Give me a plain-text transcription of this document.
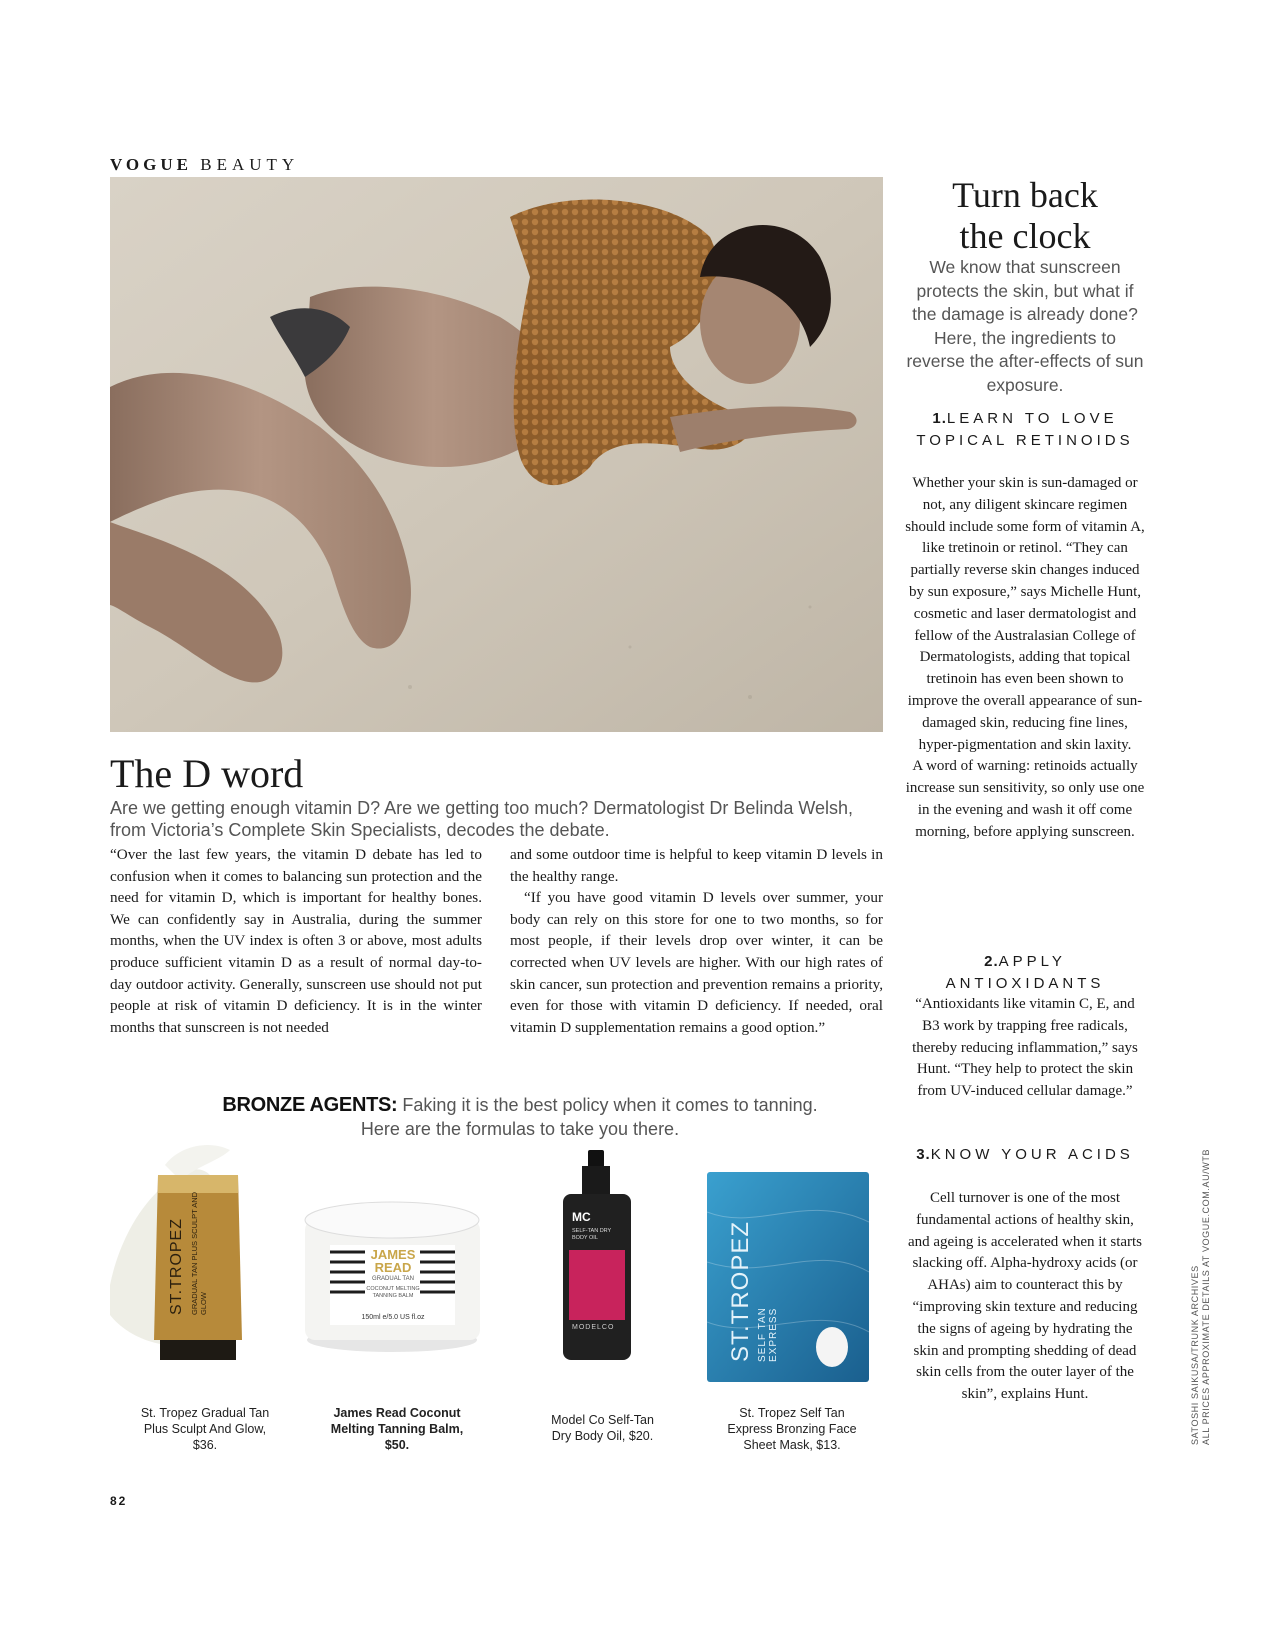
VOGUE BEAUTY
The D word
Are we getting enough vitamin D? Are we getting too much? Dermatologist Dr Belinda Welsh, from Victoria’s Complete Skin Specialists, decodes the debate.

“Over the last few years, the vitamin D debate has led to confusion when it comes to balancing sun protection and the need for vitamin D, which is important for healthy bones. We can confidently say in Australia, during the summer months, when the UV index is often 3 or above, most adults produce sufficient vitamin D as a result of normal day-to-day outdoor activity. Generally, sunscreen use should not put people at risk of vitamin D deficiency. It is in the winter months that sunscreen is not needed

and some outdoor time is helpful to keep vitamin D levels in the healthy range.

“If you have good vitamin D levels over summer, your body can rely on this store for one to two months, so for most people, if their levels drop over winter, it can be corrected when UV levels are higher. With our high rates of skin cancer, sun protection and prevention remains a priority, even for those with vitamin D deficiency. If needed, oral vitamin D supplementation remains a good option.”

BRONZE AGENTS: Faking it is the best policy when it comes to tanning.
Here are the formulas to take you there.
ST.TROPEZ GRADUAL TAN PLUS SCULPT AND GLOW
St. Tropez Gradual Tan Plus Sculpt And Glow, $36.
JAMES READ
GRADUAL TAN
COCONUT MELTING TANNING BALM
150ml e/5.0 US fl.oz
James Read Coconut Melting Tanning Balm, $50.
MC
SELF-TAN DRY BODY OIL
MODELCO
Model Co Self-Tan Dry Body Oil, $20.
ST.TROPEZ SELF TAN EXPRESS
St. Tropez Self Tan Express Bronzing Face Sheet Mask, $13.
Turn back
the clock
We know that sunscreen protects the skin, but what if the damage is already done? Here, the ingredients to reverse the after-effects of sun exposure.
1.LEARN TO LOVE TOPICAL RETINOIDS

Whether your skin is sun-damaged or not, any diligent skincare regimen should include some form of vitamin A, like tretinoin or retinol. “They can partially reverse skin changes induced by sun exposure,” says Michelle Hunt, cosmetic and laser dermatologist and fellow of the Australasian College of Dermatologists, adding that topical tretinoin has even been shown to improve the overall appearance of sun-damaged skin, reducing fine lines, hyper-pigmentation and skin laxity.

A word of warning: retinoids actually increase sun sensitivity, so only use one in the evening and wash it off come morning, before applying sunscreen.

2.APPLY ANTIOXIDANTS

“Antioxidants like vitamin C, E, and B3 work by trapping free radicals, thereby reducing inflammation,” says Hunt. “They help to protect the skin from UV-induced cellular damage.”

3.KNOW YOUR ACIDS

Cell turnover is one of the most fundamental actions of healthy skin, and ageing is accelerated when it starts slacking off. Alpha-hydroxy acids (or AHAs) aim to counteract this by “improving skin texture and reducing the signs of ageing by hydrating the skin and prompting shedding of dead skin cells from the outer layer of the skin”, explains Hunt.	SATOSHI SAIKUSA/TRUNK ARCHIVES ALL PRICES APPROXIMATE DETAILS AT VOGUE.COM.AU/WTB
82
